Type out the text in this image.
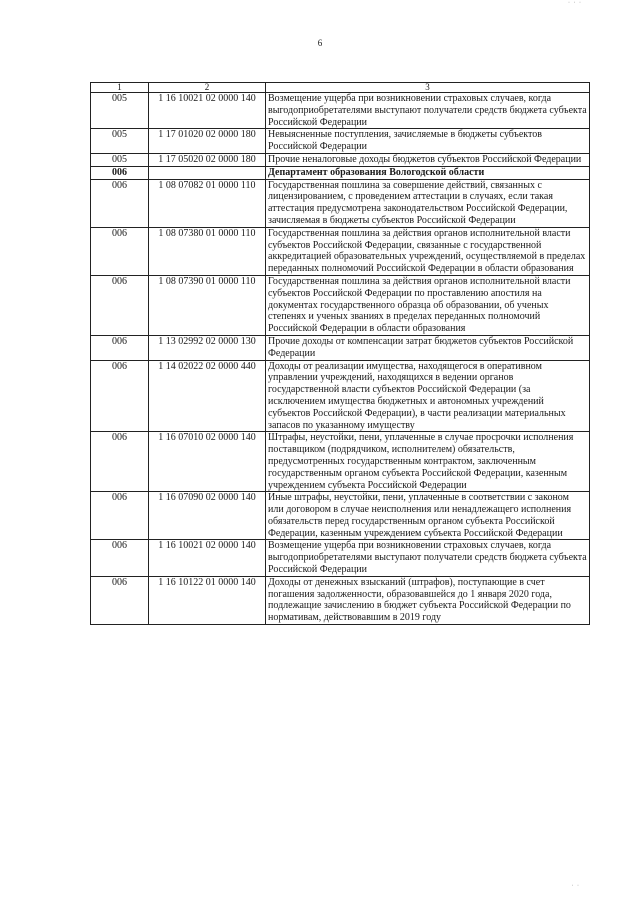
· · ·
6
1	2	3
005	1 16 10021 02 0000 140	Возмещение ущерба при возникновении страховых случаев, когда выгодоприобретателями выступают получатели средств бюджета субъекта Российской Федерации
005	1 17 01020 02 0000 180	Невыясненные поступления, зачисляемые в бюджеты субъектов Российской Федерации
005	1 17 05020 02 0000 180	Прочие неналоговые доходы бюджетов субъектов Российской Федерации
006		Департамент образования Вологодской области
006	1 08 07082 01 0000 110	Государственная пошлина за совершение действий, связанных с лицензированием, с проведением аттестации в случаях, если такая аттестация предусмотрена законодательством Российской Федерации, зачисляемая в бюджеты субъектов Российской Федерации
006	1 08 07380 01 0000 110	Государственная пошлина за действия органов исполнительной власти субъектов Российской Федерации, связанные с государственной аккредитацией образовательных учреждений, осуществляемой в пределах переданных полномочий Российской Федерации в области образования
006	1 08 07390 01 0000 110	Государственная пошлина за действия органов исполнительной власти субъектов Российской Федерации по проставлению апостиля на документах государственного образца об образовании, об ученых степенях и ученых званиях в пределах переданных полномочий Российской Федерации в области образования
006	1 13 02992 02 0000 130	Прочие доходы от компенсации затрат бюджетов субъектов Российской Федерации
006	1 14 02022 02 0000 440	Доходы от реализации имущества, находящегося в оперативном управлении учреждений, находящихся в ведении органов государственной власти субъектов Российской Федерации (за исключением имущества бюджетных и автономных учреждений субъектов Российской Федерации), в части реализации материальных запасов по указанному имуществу
006	1 16 07010 02 0000 140	Штрафы, неустойки, пени, уплаченные в случае просрочки исполнения поставщиком (подрядчиком, исполнителем) обязательств, предусмотренных государственным контрактом, заключенным государственным органом субъекта Российской Федерации, казенным учреждением субъекта Российской Федерации
006	1 16 07090 02 0000 140	Иные штрафы, неустойки, пени, уплаченные в соответствии с законом или договором в случае неисполнения или ненадлежащего исполнения обязательств перед государственным органом субъекта Российской Федерации, казенным учреждением субъекта Российской Федерации
006	1 16 10021 02 0000 140	Возмещение ущерба при возникновении страховых случаев, когда выгодоприобретателями выступают получатели средств бюджета субъекта Российской Федерации
006	1 16 10122 01 0000 140	Доходы от денежных взысканий (штрафов), поступающие в счет погашения задолженности, образовавшейся до 1 января 2020 года, подлежащие зачислению в бюджет субъекта Российской Федерации по нормативам, действовавшим в 2019 году
· ·
